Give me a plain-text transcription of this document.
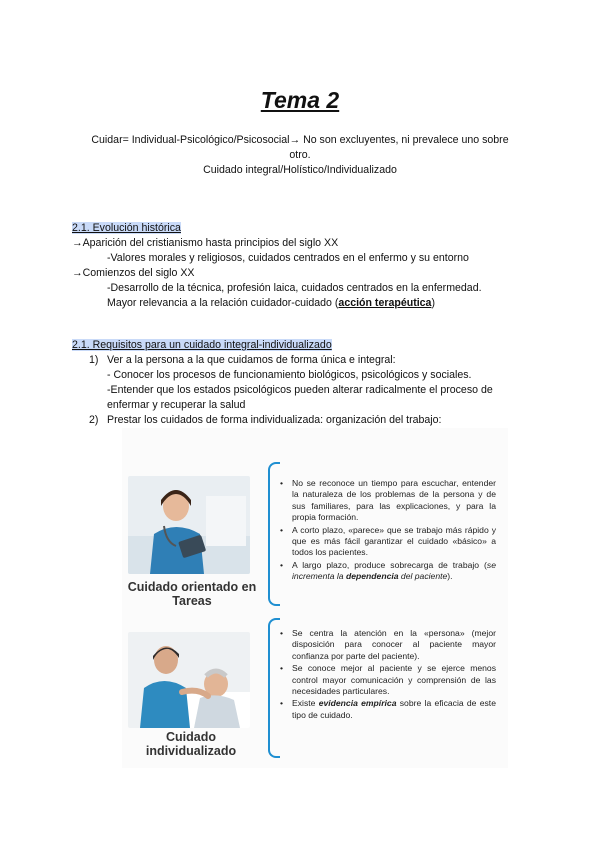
Tema 2
Cuidar= Individual-Psicológico/Psicosocial→ No son excluyentes, ni prevalece uno sobre
otro.
Cuidado integral/Holístico/Individualizado
2.1. Evolución histórica
→Aparición del cristianismo hasta principios del siglo XX
-Valores morales y religiosos, cuidados centrados en el enfermo y su entorno
→Comienzos del siglo XX
-Desarrollo de la técnica, profesión laica, cuidados centrados en la enfermedad.
Mayor relevancia a la relación cuidador-cuidado (acción terapéutica)
2.1. Requisitos para un cuidado integral-individualizado
1) Ver a la persona a la que cuidamos de forma única e integral:
- Conocer los procesos de funcionamiento biológicos, psicológicos y sociales.
-Entender que los estados psicológicos pueden alterar radicalmente el proceso de
enfermar y recuperar la salud
2) Prestar los cuidados de forma individualizada: organización del trabajo:
Cuidado orientado en Tareas
• No se reconoce un tiempo para escuchar, entender la naturaleza de los problemas de la persona y de sus familiares, para las explicaciones, y para la propia formación.
• A corto plazo, «parece» que se trabajo más rápido y que es más fácil garantizar el cuidado «básico» a todos los pacientes.
• A largo plazo, produce sobrecarga de trabajo (se incrementa la dependencia del paciente).
Cuidado individualizado
• Se centra la atención en la «persona» (mejor disposición para conocer al paciente mayor confianza por parte del paciente).
• Se conoce mejor al paciente y se ejerce menos control mayor comunicación y comprensión de las necesidades particulares.
• Existe evidencia empírica sobre la eficacia de este tipo de cuidado.
